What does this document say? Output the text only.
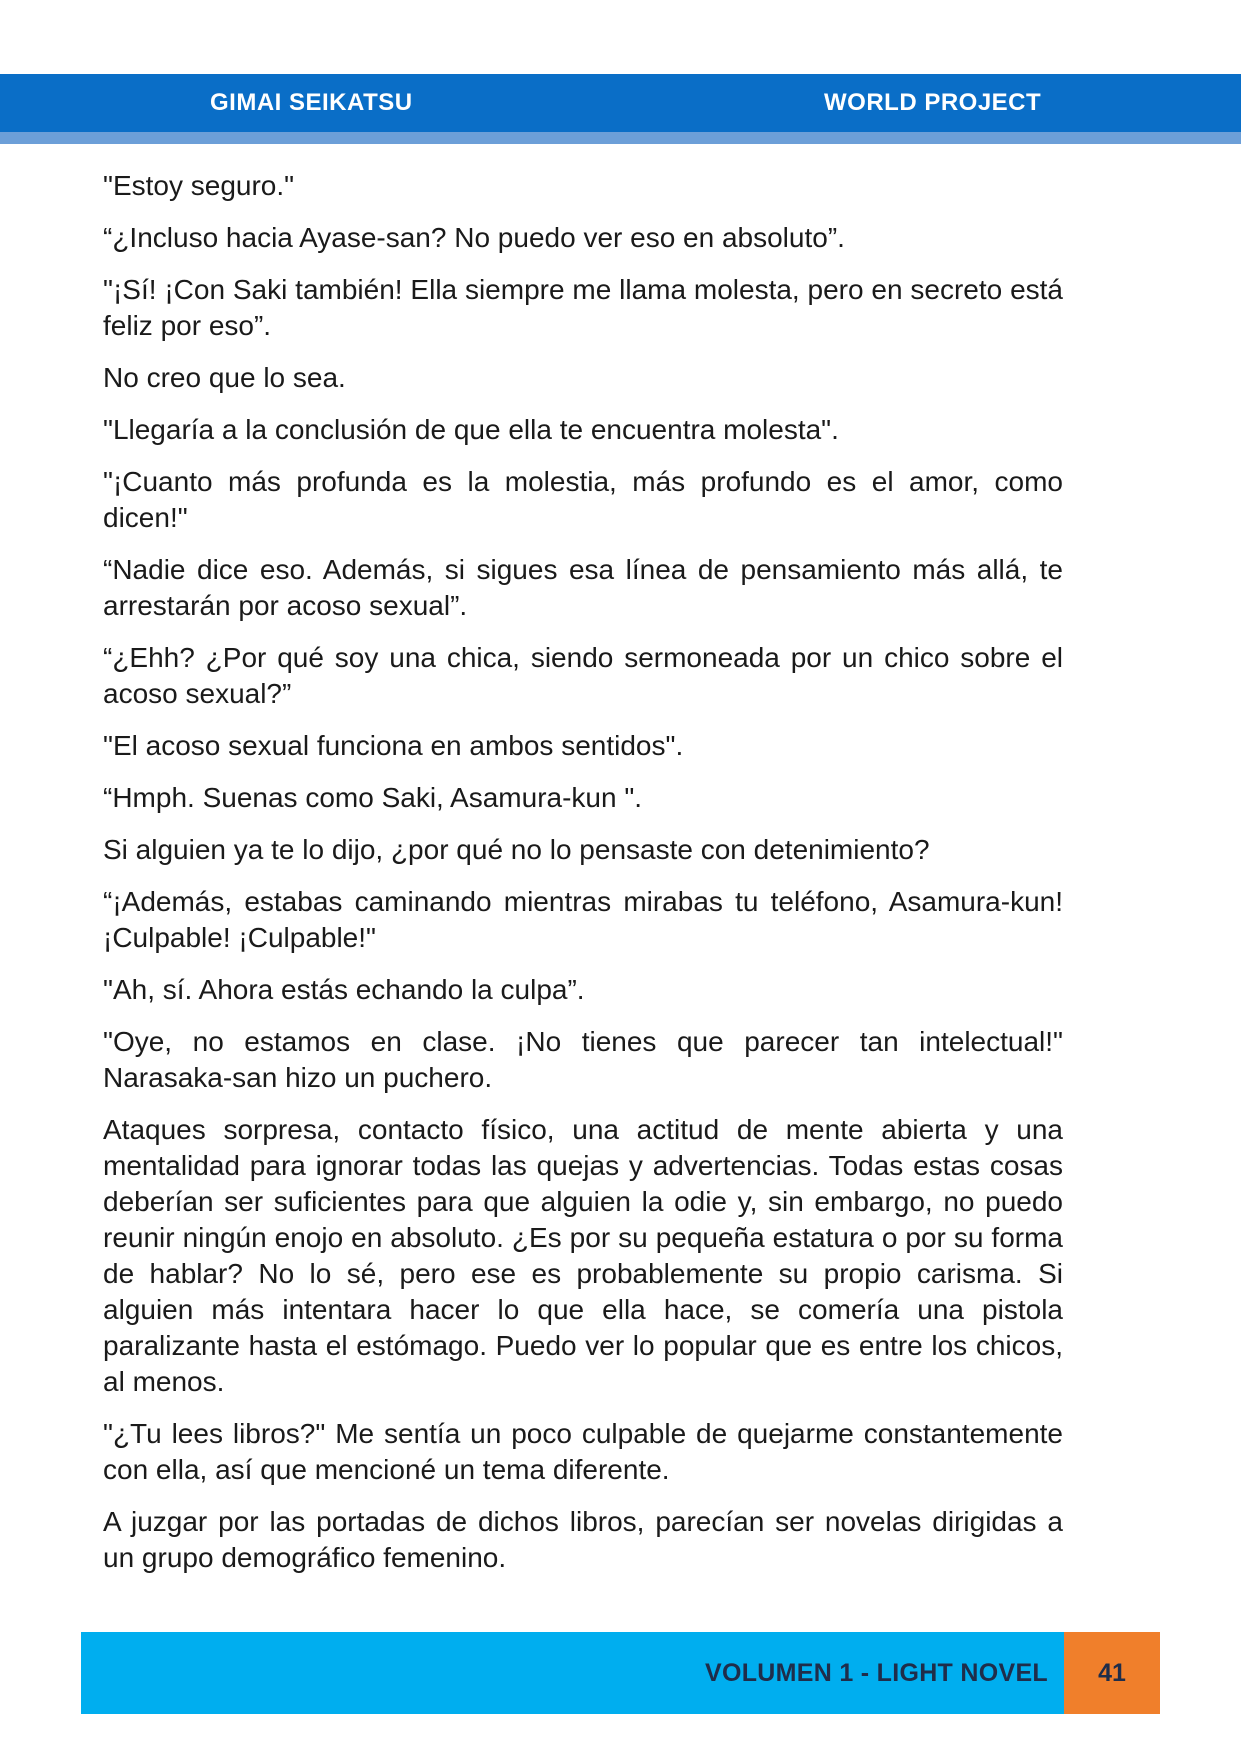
GIMAI SEIKATSU	WORLD PROJECT

"Estoy seguro."

“¿Incluso hacia Ayase-san? No puedo ver eso en absoluto”.

"¡Sí! ¡Con Saki también! Ella siempre me llama molesta, pero en secreto está feliz por eso”.

No creo que lo sea.

"Llegaría a la conclusión de que ella te encuentra molesta".

"¡Cuanto más profunda es la molestia, más profundo es el amor, como dicen!"

“Nadie dice eso. Además, si sigues esa línea de pensamiento más allá, te arrestarán por acoso sexual”.

“¿Ehh? ¿Por qué soy una chica, siendo sermoneada por un chico sobre el acoso sexual?”

"El acoso sexual funciona en ambos sentidos".

“Hmph. Suenas como Saki, Asamura-kun ".

Si alguien ya te lo dijo, ¿por qué no lo pensaste con detenimiento?

“¡Además, estabas caminando mientras mirabas tu teléfono, Asamura-kun! ¡Culpable! ¡Culpable!"

"Ah, sí. Ahora estás echando la culpa”.

"Oye, no estamos en clase. ¡No tienes que parecer tan intelectual!" Narasaka-san hizo un puchero.

Ataques sorpresa, contacto físico, una actitud de mente abierta y una mentalidad para ignorar todas las quejas y advertencias. Todas estas cosas deberían ser suficientes para que alguien la odie y, sin embargo, no puedo reunir ningún enojo en absoluto. ¿Es por su pequeña estatura o por su forma de hablar? No lo sé, pero ese es probablemente su propio carisma. Si alguien más intentara hacer lo que ella hace, se comería una pistola paralizante hasta el estómago. Puedo ver lo popular que es entre los chicos, al menos.

"¿Tu lees libros?" Me sentía un poco culpable de quejarme constantemente con ella, así que mencioné un tema diferente.

A juzgar por las portadas de dichos libros, parecían ser novelas dirigidas a un grupo demográfico femenino.

VOLUMEN 1 - LIGHT NOVEL	41
